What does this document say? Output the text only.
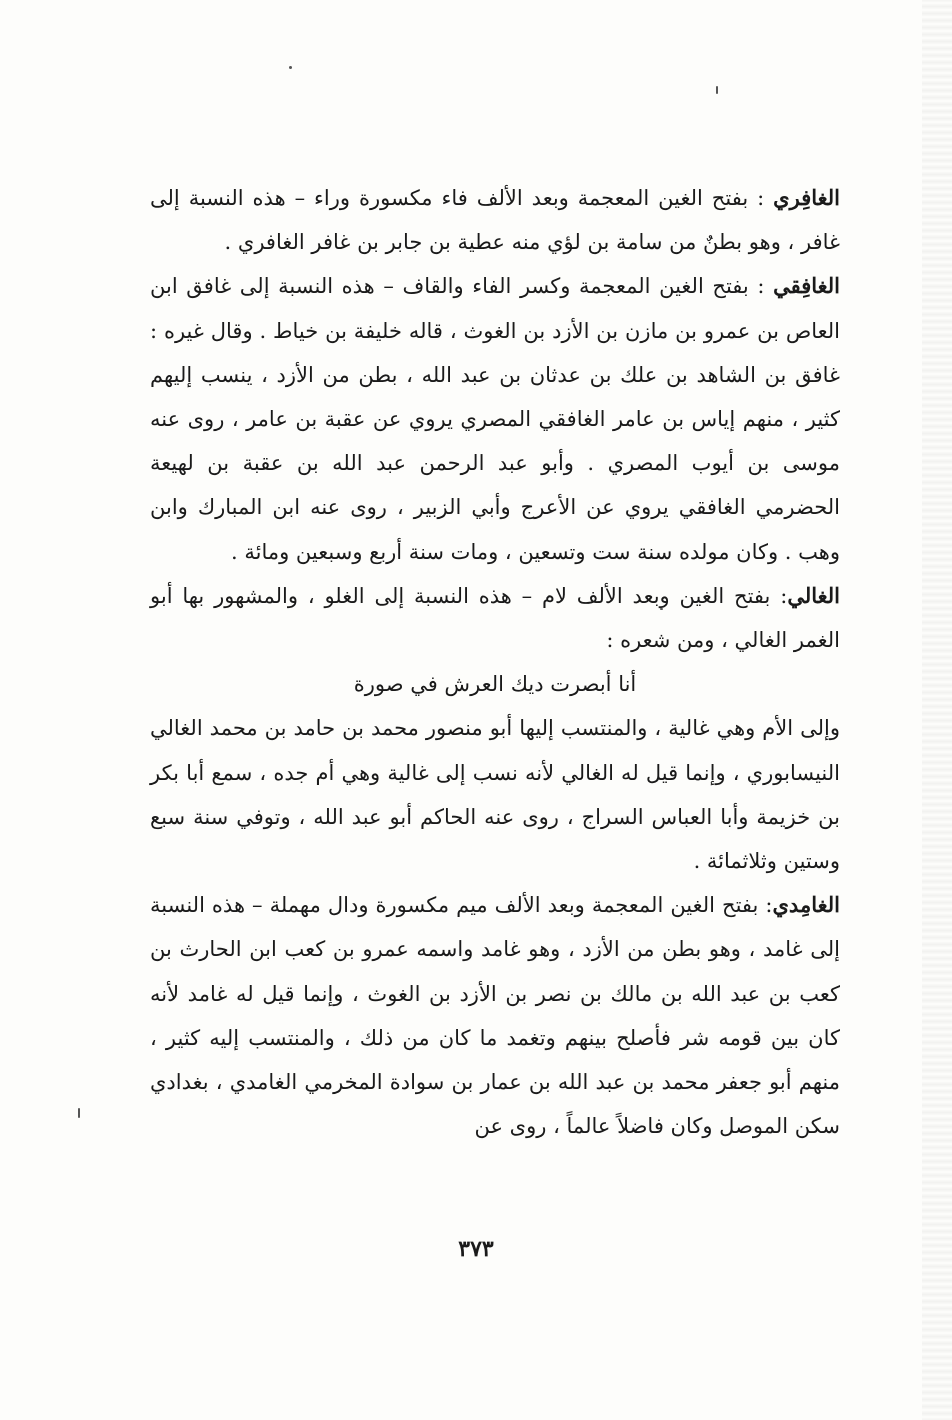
الغافِري : بفتح الغين المعجمة وبعد الألف فاء مكسورة وراء – هذه النسبة إلى غافر ، وهو بطنٌ من سامة بن لؤي منه عطية بن جابر بن غافر الغافري .

الغافِقي : بفتح الغين المعجمة وكسر الفاء والقاف – هذه النسبة إلى غافق ابن العاص بن عمرو بن مازن بن الأزد بن الغوث ، قاله خليفة بن خياط . وقال غيره : غافق بن الشاهد بن علك بن عدثان بن عبد الله ، بطن من الأزد ، ينسب إليهم كثير ، منهم إياس بن عامر الغافقي المصري يروي عن عقبة بن عامر ، روى عنه موسى بن أيوب المصري . وأبو عبد الرحمن عبد الله بن عقبة بن لهيعة الحضرمي الغافقي يروي عن الأعرج وأبي الزبير ، روى عنه ابن المبارك وابن وهب . وكان مولده سنة ست وتسعين ، ومات سنة أربع وسبعين ومائة .

الغالي: بفتح الغين وبعد الألف لام – هذه النسبة إلى الغلو ، والمشهور بها أبو الغمر الغالي ، ومن شعره :

أنا أبصرت ديك العرش في صورة

وإلى الأم وهي غالية ، والمنتسب إليها أبو منصور محمد بن حامد بن محمد الغالي النيسابوري ، وإنما قيل له الغالي لأنه نسب إلى غالية وهي أم جده ، سمع أبا بكر بن خزيمة وأبا العباس السراج ، روى عنه الحاكم أبو عبد الله ، وتوفي سنة سبع وستين وثلاثمائة .

الغامِدي: بفتح الغين المعجمة وبعد الألف ميم مكسورة ودال مهملة – هذه النسبة إلى غامد ، وهو بطن من الأزد ، وهو غامد واسمه عمرو بن كعب ابن الحارث بن كعب بن عبد الله بن مالك بن نصر بن الأزد بن الغوث ، وإنما قيل له غامد لأنه كان بين قومه شر فأصلح بينهم وتغمد ما كان من ذلك ، والمنتسب إليه كثير ، منهم أبو جعفر محمد بن عبد الله بن عمار بن سوادة المخرمي الغامدي ، بغدادي سكن الموصل وكان فاضلاً عالماً ، روى عن

٣٧٣
